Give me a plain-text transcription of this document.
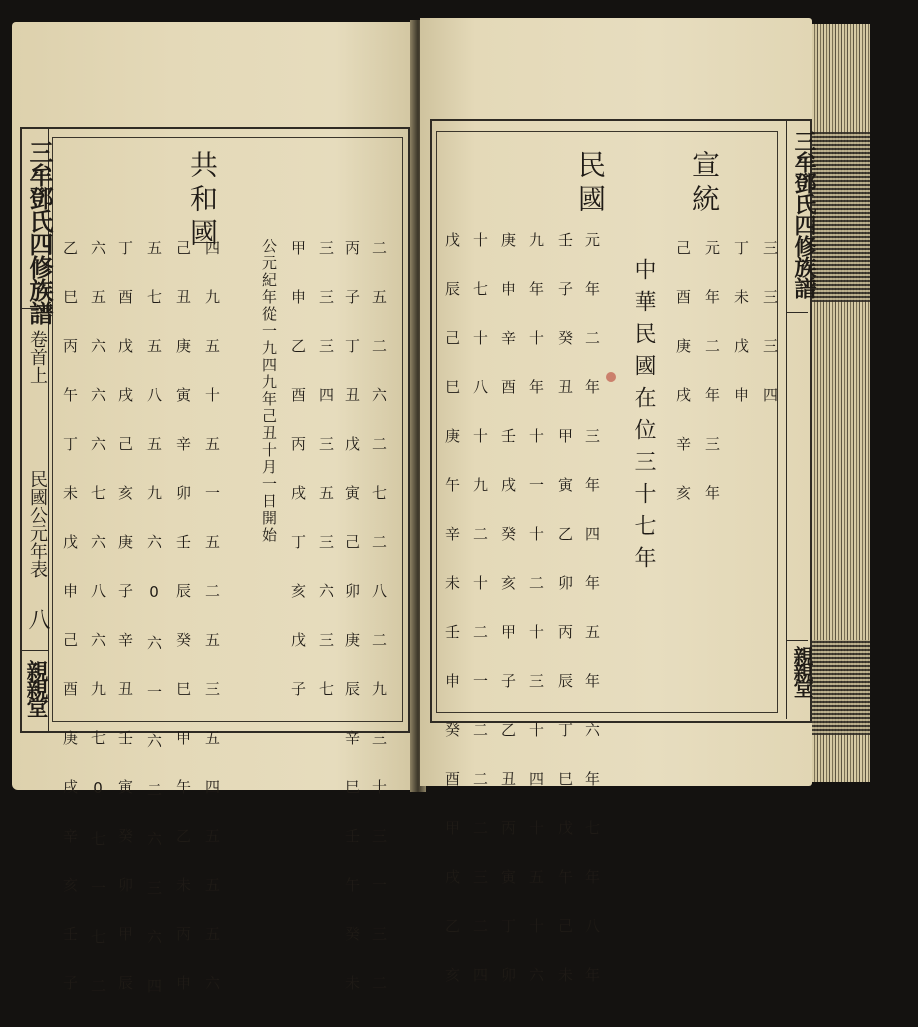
三牟鄧氏四修族譜
卷首上
民國公元年表
八
親親堂
共和國
公元紀年從一九四九年己丑十月一日開始	二五二六二七二八二九三十三一三二
丙子丁丑戊寅己卯庚辰辛巳壬午癸未
三三三四三五三六三七
甲申乙酉丙戌丁亥戊子
四九五十五一五二五三五四五五五六
己丑庚寅辛卯壬辰癸巳甲午乙未丙申
五七五八五九六0六一六二六三六四
丁酉戊戌己亥庚子辛丑壬寅癸卯甲辰
六五六六六七六八六九七0七一七二
乙巳丙午丁未戊申己酉庚戌辛亥壬子
三牟鄧氏四修族譜
親親堂
宣統
三三三四
丁未戊申
元年二年三年
己酉庚戌辛亥
中華民國在位三十七年
民國
元年二年三年四年五年六年七年八年
壬子癸丑甲寅乙卯丙辰丁巳戊午己未
九年十年十一十二十三十四十五十六
庚申辛酉壬戌癸亥甲子乙丑丙寅丁卯
十七十八十九二十二一二二二三二四
戊辰己巳庚午辛未壬申癸酉甲戌乙亥
